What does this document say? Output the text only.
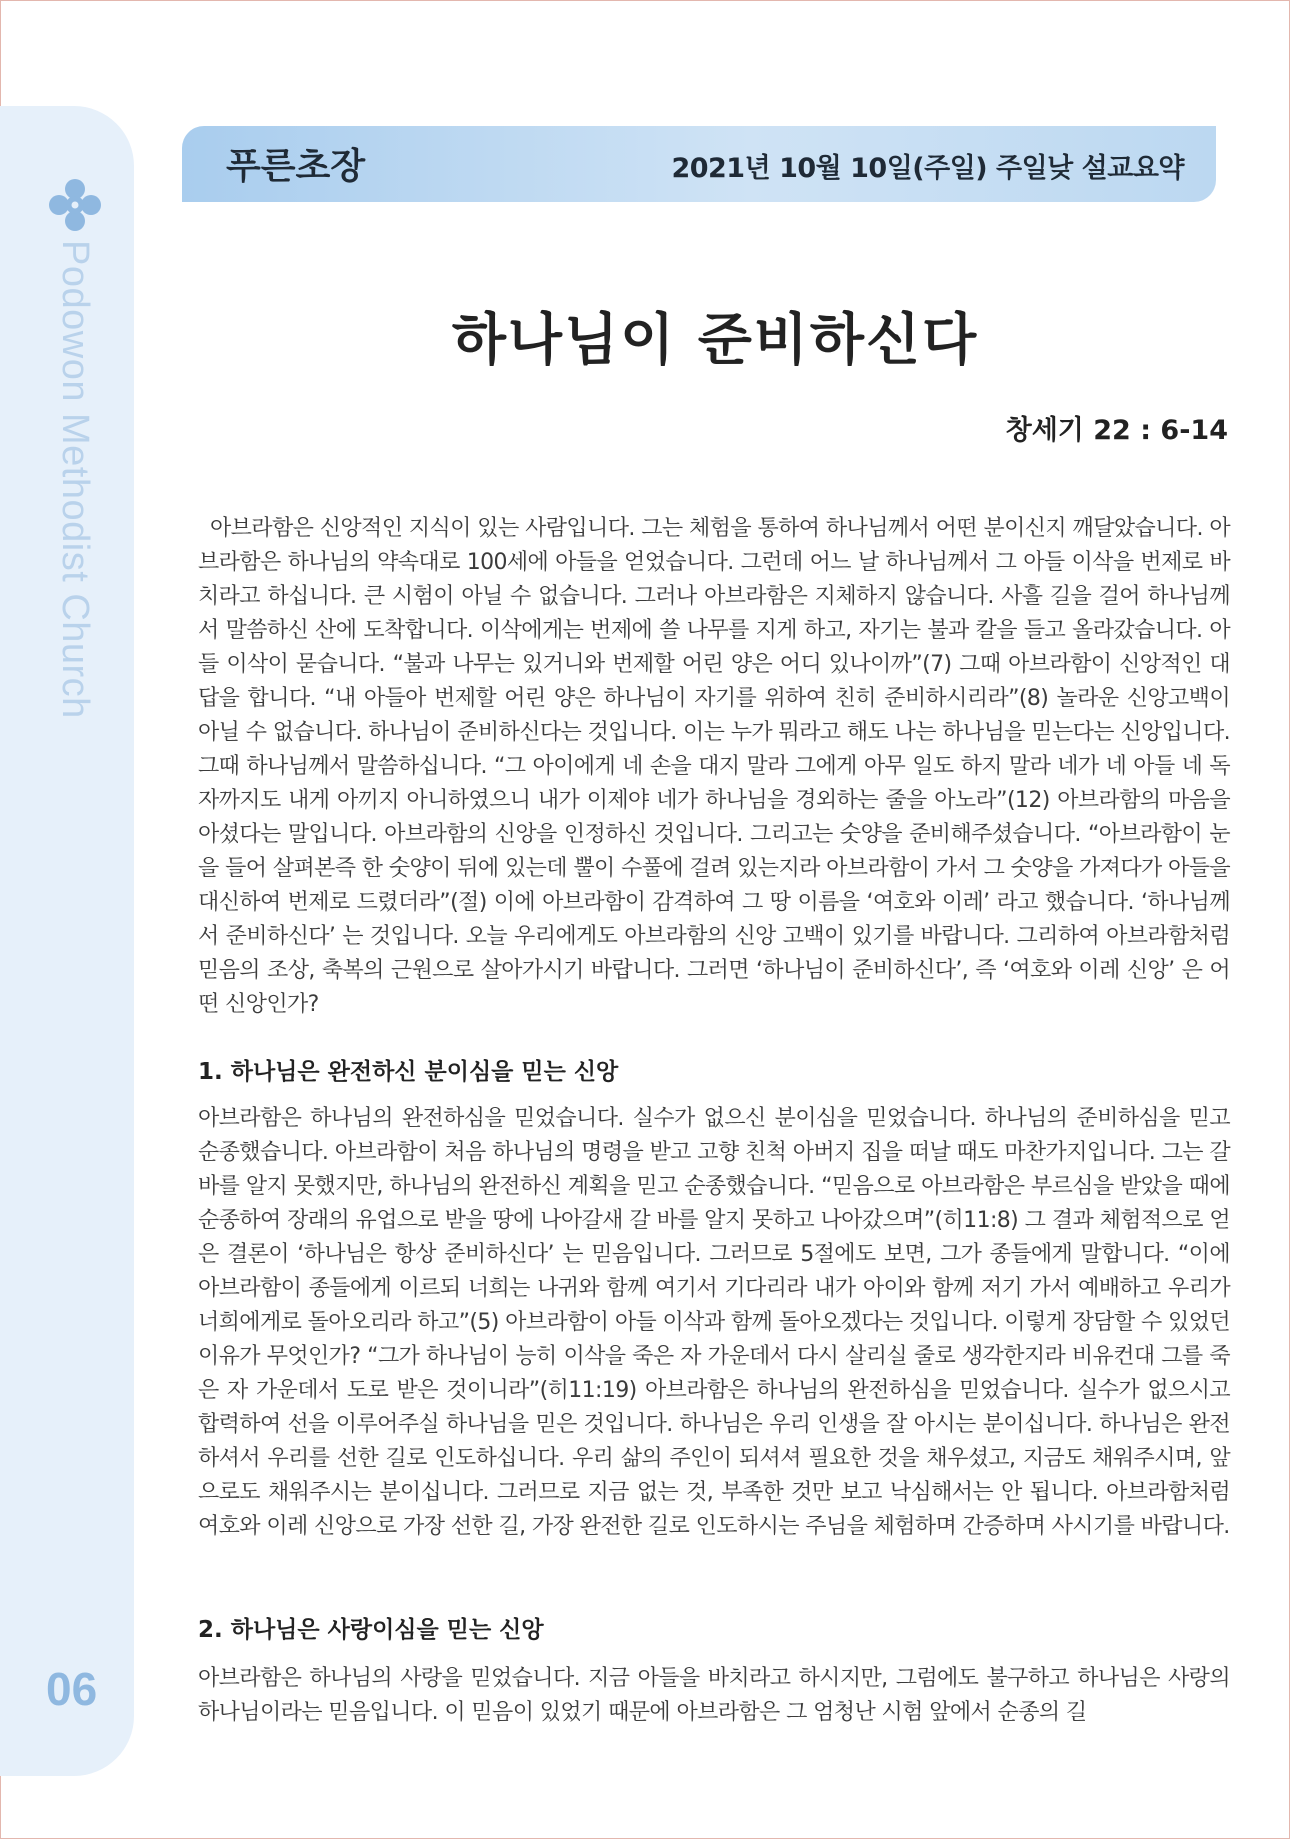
Podowon Methodist Church
06
푸른초장	2021년 10월 10일(주일) 주일낮 설교요약
하나님이 준비하신다
창세기 22 : 6-14

아브라함은 신앙적인 지식이 있는 사람입니다. 그는 체험을 통하여 하나님께서 어떤 분이신지 깨달았습니다. 아브라함은 하나님의 약속대로 100세에 아들을 얻었습니다. 그런데 어느 날 하나님께서 그 아들 이삭을 번제로 바치라고 하십니다. 큰 시험이 아닐 수 없습니다. 그러나 아브라함은 지체하지 않습니다. 사흘 길을 걸어 하나님께서 말씀하신 산에 도착합니다. 이삭에게는 번제에 쓸 나무를 지게 하고, 자기는 불과 칼을 들고 올라갔습니다. 아들 이삭이 묻습니다. “불과 나무는 있거니와 번제할 어린 양은 어디 있나이까”(7) 그때 아브라함이 신앙적인 대답을 합니다. “내 아들아 번제할 어린 양은 하나님이 자기를 위하여 친히 준비하시리라”(8) 놀라운 신앙고백이 아닐 수 없습니다. 하나님이 준비하신다는 것입니다. 이는 누가 뭐라고 해도 나는 하나님을 믿는다는 신앙입니다. 그때 하나님께서 말씀하십니다. “그 아이에게 네 손을 대지 말라 그에게 아무 일도 하지 말라 네가 네 아들 네 독자까지도 내게 아끼지 아니하였으니 내가 이제야 네가 하나님을 경외하는 줄을 아노라”(12) 아브라함의 마음을 아셨다는 말입니다. 아브라함의 신앙을 인정하신 것입니다. 그리고는 숫양을 준비해주셨습니다. “아브라함이 눈을 들어 살펴본즉 한 숫양이 뒤에 있는데 뿔이 수풀에 걸려 있는지라 아브라함이 가서 그 숫양을 가져다가 아들을 대신하여 번제로 드렸더라”(절) 이에 아브라함이 감격하여 그 땅 이름을 ‘여호와 이레’ 라고 했습니다. ‘하나님께서 준비하신다’ 는 것입니다. 오늘 우리에게도 아브라함의 신앙 고백이 있기를 바랍니다. 그리하여 아브라함처럼 믿음의 조상, 축복의 근원으로 살아가시기 바랍니다. 그러면 ‘하나님이 준비하신다’, 즉 ‘여호와 이레 신앙’ 은 어떤 신앙인가?

1. 하나님은 완전하신 분이심을 믿는 신앙

아브라함은 하나님의 완전하심을 믿었습니다. 실수가 없으신 분이심을 믿었습니다. 하나님의 준비하심을 믿고 순종했습니다. 아브라함이 처음 하나님의 명령을 받고 고향 친척 아버지 집을 떠날 때도 마찬가지입니다. 그는 갈 바를 알지 못했지만, 하나님의 완전하신 계획을 믿고 순종했습니다. “믿음으로 아브라함은 부르심을 받았을 때에 순종하여 장래의 유업으로 받을 땅에 나아갈새 갈 바를 알지 못하고 나아갔으며”(히11:8) 그 결과 체험적으로 얻은 결론이 ‘하나님은 항상 준비하신다’ 는 믿음입니다. 그러므로 5절에도 보면, 그가 종들에게 말합니다. “이에 아브라함이 종들에게 이르되 너희는 나귀와 함께 여기서 기다리라 내가 아이와 함께 저기 가서 예배하고 우리가 너희에게로 돌아오리라 하고”(5) 아브라함이 아들 이삭과 함께 돌아오겠다는 것입니다. 이렇게 장담할 수 있었던 이유가 무엇인가? “그가 하나님이 능히 이삭을 죽은 자 가운데서 다시 살리실 줄로 생각한지라 비유컨대 그를 죽은 자 가운데서 도로 받은 것이니라”(히11:19) 아브라함은 하나님의 완전하심을 믿었습니다. 실수가 없으시고 합력하여 선을 이루어주실 하나님을 믿은 것입니다. 하나님은 우리 인생을 잘 아시는 분이십니다. 하나님은 완전하셔서 우리를 선한 길로 인도하십니다. 우리 삶의 주인이 되셔셔 필요한 것을 채우셨고, 지금도 채워주시며, 앞으로도 채워주시는 분이십니다. 그러므로 지금 없는 것, 부족한 것만 보고 낙심해서는 안 됩니다. 아브라함처럼 여호와 이레 신앙으로 가장 선한 길, 가장 완전한 길로 인도하시는 주님을 체험하며 간증하며 사시기를 바랍니다.

2. 하나님은 사랑이심을 믿는 신앙

아브라함은 하나님의 사랑을 믿었습니다. 지금 아들을 바치라고 하시지만, 그럼에도 불구하고 하나님은 사랑의 하나님이라는 믿음입니다. 이 믿음이 있었기 때문에 아브라함은 그 엄청난 시험 앞에서 순종의 길
